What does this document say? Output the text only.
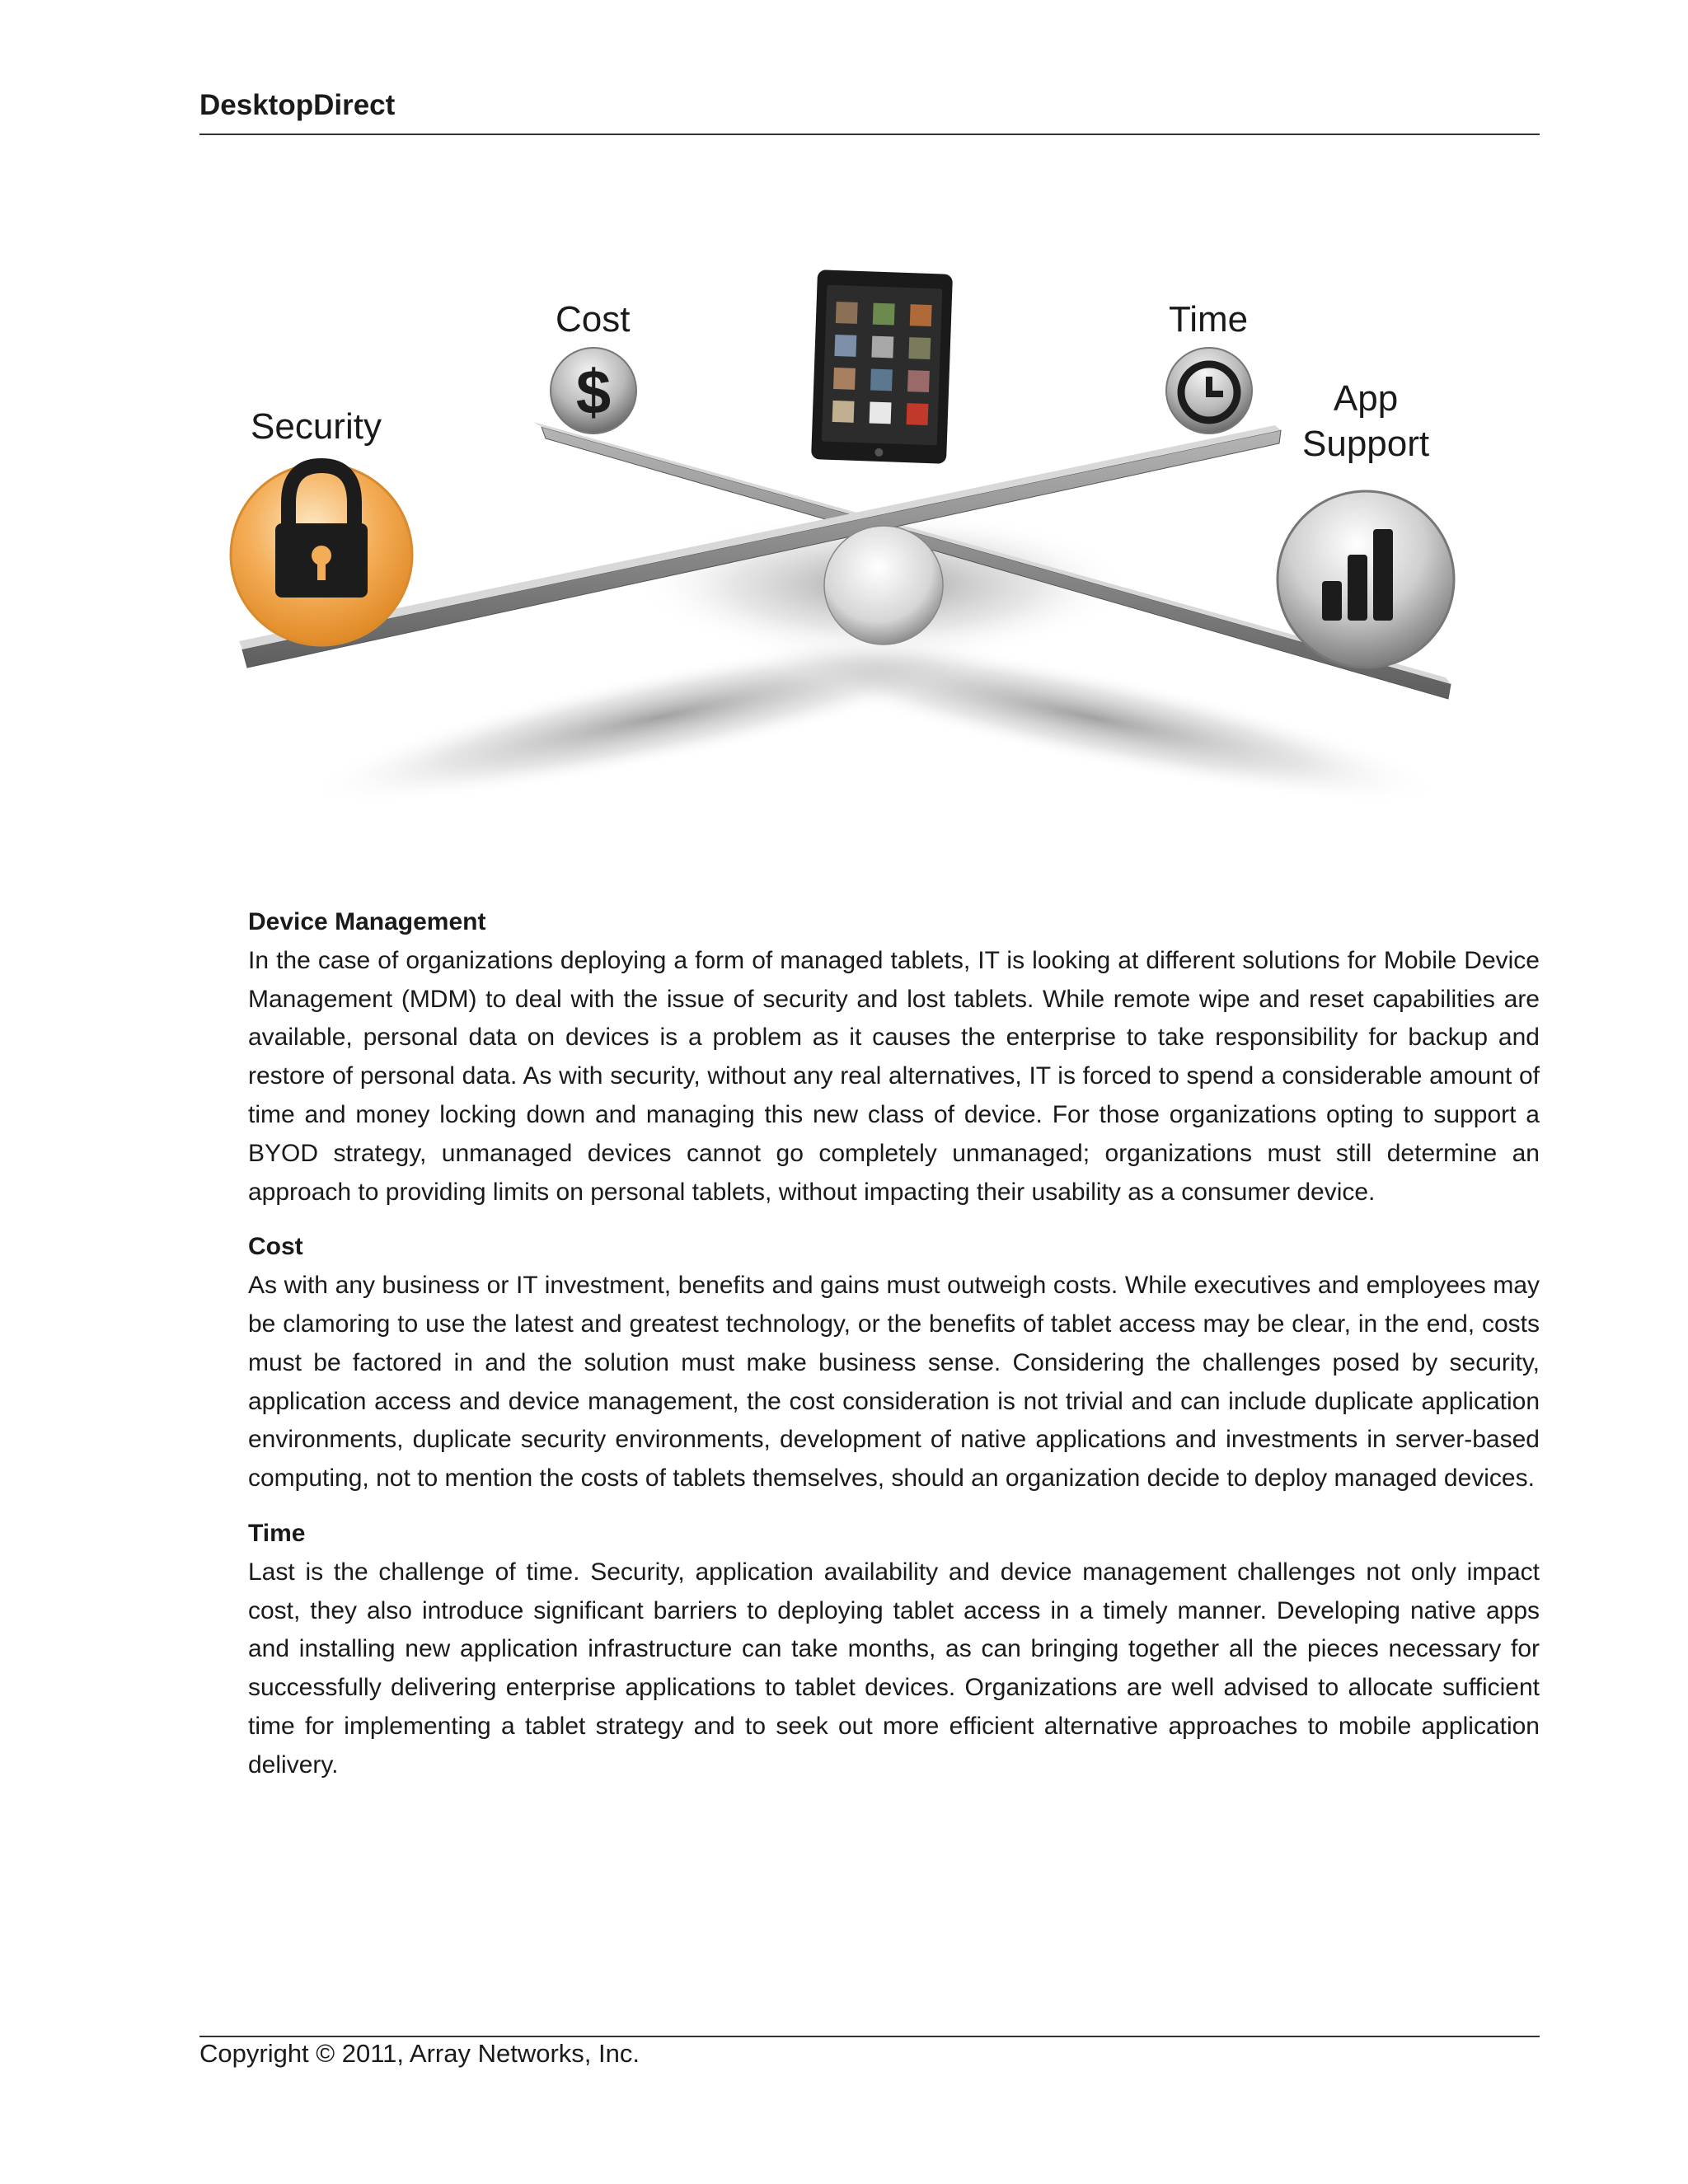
DesktopDirect
$
Security
Cost	Time
App
Support

Device Management

In the case of organizations deploying a form of managed tablets, IT is looking at different solutions for Mobile Device Management (MDM) to deal with the issue of security and lost tablets. While remote wipe and reset capabilities are available, personal data on devices is a problem as it causes the enterprise to take responsibility for backup and restore of personal data. As with security, without any real alternatives, IT is forced to spend a considerable amount of time and money locking down and managing this new class of device. For those organizations opting to support a BYOD strategy, unmanaged devices cannot go completely unmanaged; organizations must still determine an approach to providing limits on personal tablets, without impacting their usability as a consumer device.

Cost

As with any business or IT investment, benefits and gains must outweigh costs. While executives and employees may be clamoring to use the latest and greatest technology, or the benefits of tablet access may be clear, in the end, costs must be factored in and the solution must make business sense. Considering the challenges posed by security, application access and device management, the cost consideration is not trivial and can include duplicate application environments, duplicate security environments, development of native applications and investments in server-based computing, not to mention the costs of tablets themselves, should an organization decide to deploy managed devices.

Time

Last is the challenge of time. Security, application availability and device management challenges not only impact cost, they also introduce significant barriers to deploying tablet access in a timely manner. Developing native apps and installing new application infrastructure can take months, as can bringing together all the pieces necessary for successfully delivering enterprise applications to tablet devices. Organizations are well advised to allocate sufficient time for implementing a tablet strategy and to seek out more efficient alternative approaches to mobile application delivery.

Copyright © 2011, Array Networks, Inc.
